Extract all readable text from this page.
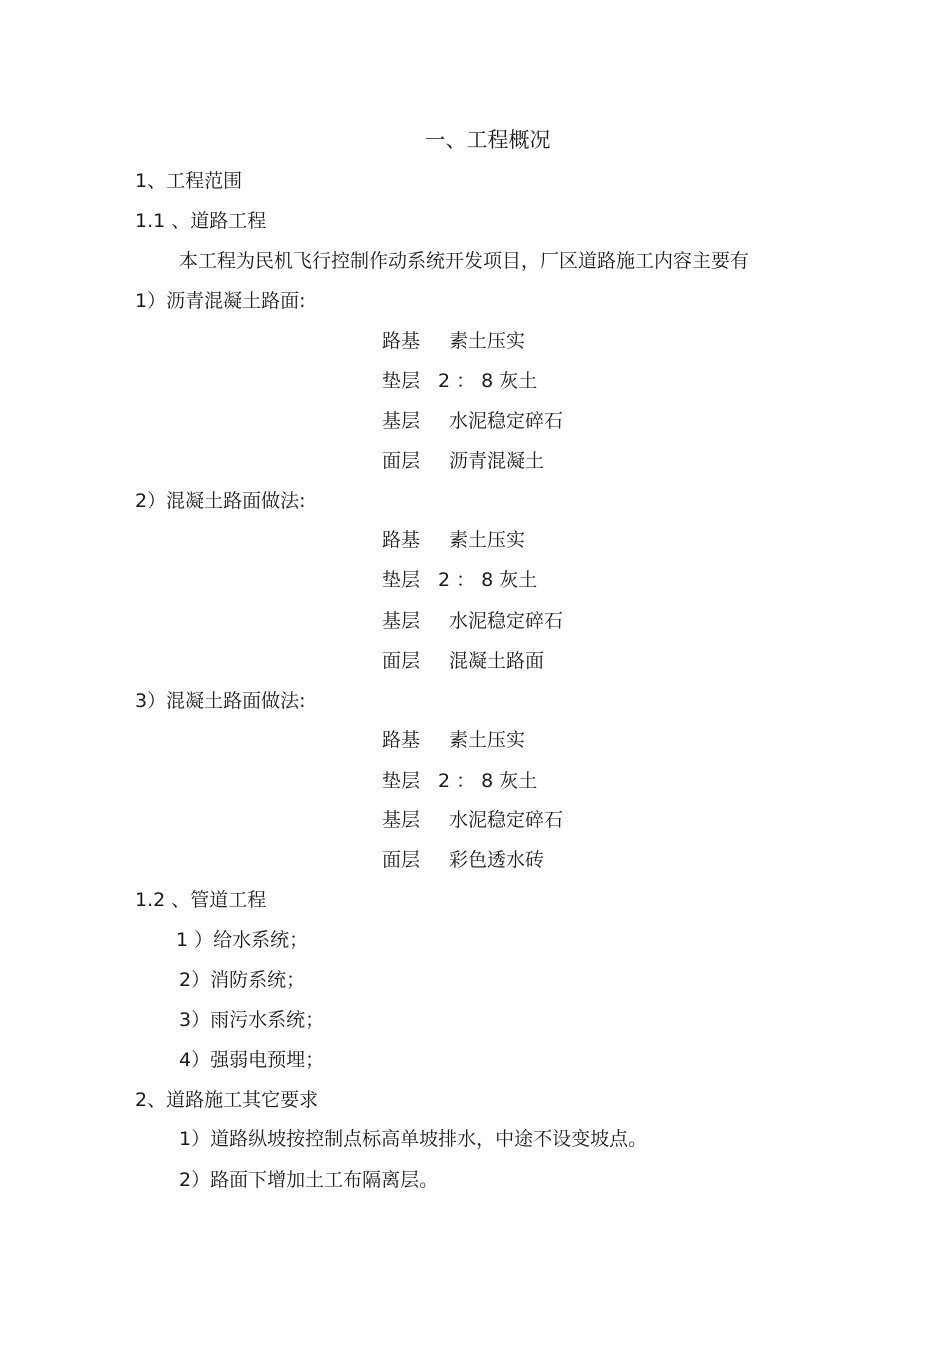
一、工程概况
1、工程范围
1.1 、道路工程
本工程为民机飞行控制作动系统开发项目，厂区道路施工内容主要有
1）沥青混凝土路面:
路基 素土压实
垫层 2 ： 8 灰土
基层 水泥稳定碎石
面层 沥青混凝土
2）混凝土路面做法:
路基 素土压实
垫层 2 ： 8 灰土
基层 水泥稳定碎石
面层 混凝土路面
3）混凝土路面做法:
路基 素土压实
垫层 2 ： 8 灰土
基层 水泥稳定碎石
面层 彩色透水砖
1.2 、管道工程
1 ）给水系统；
2）消防系统；
3）雨污水系统；
4）强弱电预埋；
2、道路施工其它要求
1）道路纵坡按控制点标高单坡排水，中途不设变坡点。
2）路面下增加土工布隔离层。
